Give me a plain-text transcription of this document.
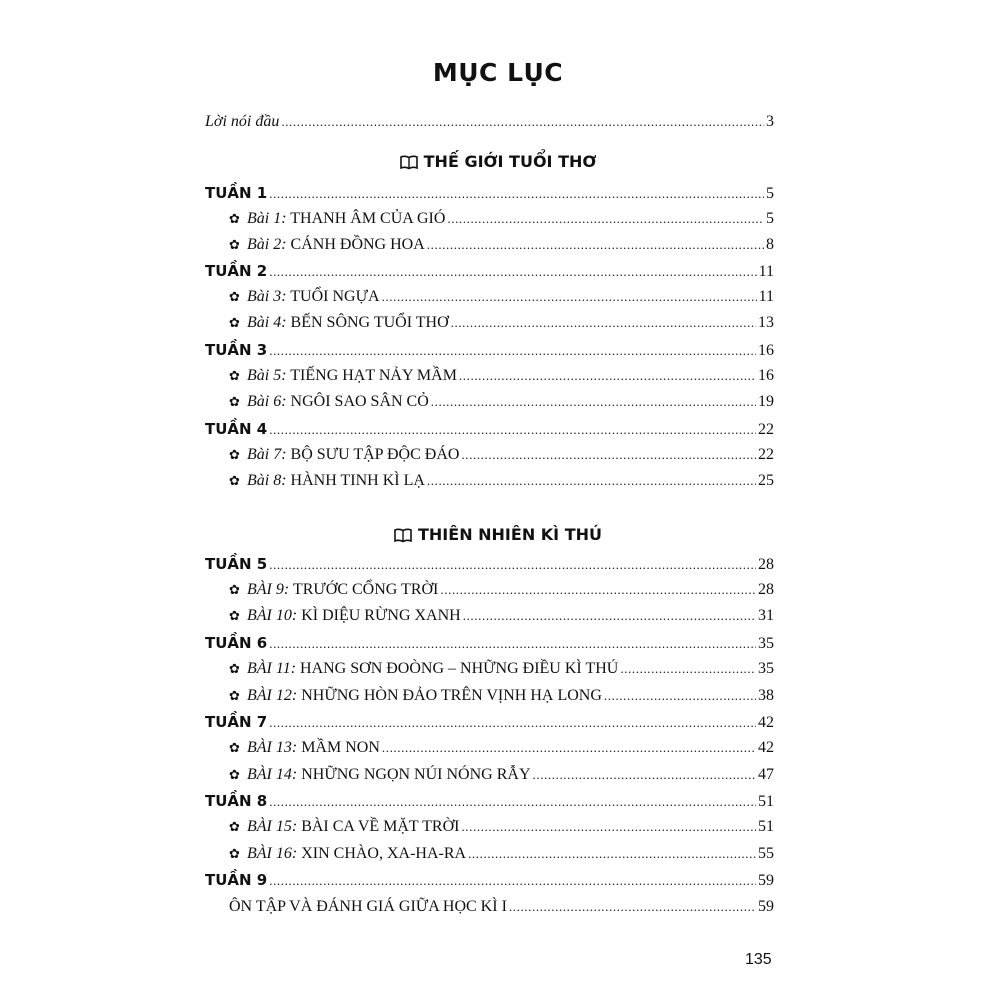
MỤC LỤC
Lời nói đầu .....	3
THẾ GIỚI TUỔI THƠ
TUẦN 1 .....	5
✿ Bài 1: THANH ÂM CỦA GIÓ .....	5
✿ Bài 2: CÁNH ĐỒNG HOA .....	8
TUẦN 2 .....	11
✿ Bài 3: TUỔI NGỰA .....	11
✿ Bài 4: BẾN SÔNG TUỔI THƠ .....	13
TUẦN 3 .....	16
✿ Bài 5: TIẾNG HẠT NẢY MẦM .....	16
✿ Bài 6: NGÔI SAO SÂN CỎ .....	19
TUẦN 4 .....	22
✿ Bài 7: BỘ SƯU TẬP ĐỘC ĐÁO .....	22
✿ Bài 8: HÀNH TINH KÌ LẠ .....	25
THIÊN NHIÊN KÌ THÚ
TUẦN 5 .....	28
✿ BÀI 9: TRƯỚC CỔNG TRỜI .....	28
✿ BÀI 10: KÌ DIỆU RỪNG XANH .....	31
TUẦN 6 .....	35
✿ BÀI 11: HANG SƠN ĐOÒNG – NHỮNG ĐIỀU KÌ THÚ .....	35
✿ BÀI 12: NHỮNG HÒN ĐẢO TRÊN VỊNH HẠ LONG .....	38
TUẦN 7 .....	42
✿ BÀI 13: MẦM NON .....	42
✿ BÀI 14: NHỮNG NGỌN NÚI NÓNG RẪY .....	47
TUẦN 8 .....	51
✿ BÀI 15: BÀI CA VỀ MẶT TRỜI .....	51
✿ BÀI 16: XIN CHÀO, XA-HA-RA .....	55
TUẦN 9 .....	59
ÔN TẬP VÀ ĐÁNH GIÁ GIỮA HỌC KÌ I .....	59
135
